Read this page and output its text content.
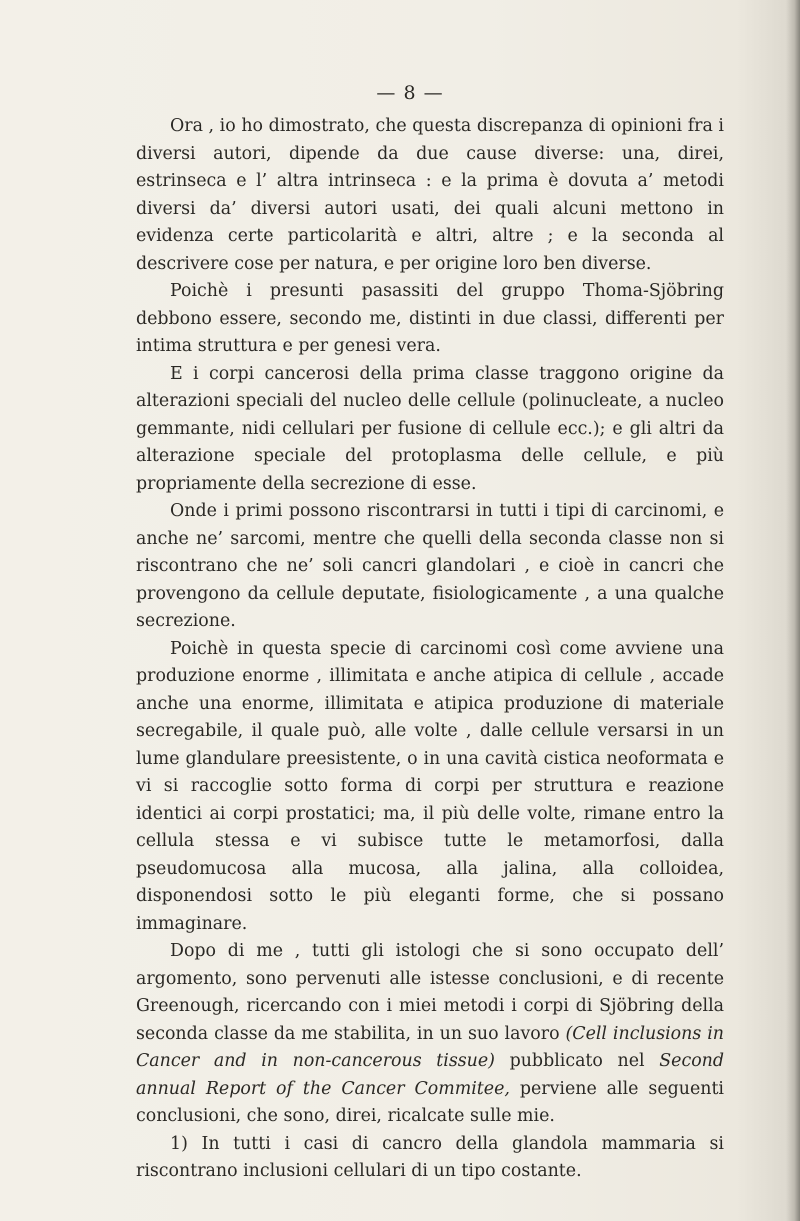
— 8 —

Ora , io ho dimostrato, che questa discrepanza di opinioni fra i diversi autori, dipende da due cause diverse: una, direi, estrinseca e l’ altra intrinseca : e la prima è dovuta a’ metodi diversi da’ diversi autori usati, dei quali alcuni mettono in evidenza certe particolarità e altri, altre ; e la seconda al descrivere cose per natura, e per origine loro ben diverse.

Poichè i presunti pasassiti del gruppo Thoma-Sjöbring debbono essere, secondo me, distinti in due classi, differenti per intima struttura e per genesi vera.

E i corpi cancerosi della prima classe traggono origine da alterazioni speciali del nucleo delle cellule (polinucleate, a nucleo gemmante, nidi cellulari per fusione di cellule ecc.); e gli altri da alterazione speciale del protoplasma delle cellule, e più propriamente della secrezione di esse.

Onde i primi possono riscontrarsi in tutti i tipi di carcinomi, e anche ne’ sarcomi, mentre che quelli della seconda classe non si riscontrano che ne’ soli cancri glandolari , e cioè in cancri che provengono da cellule deputate, fisiologicamente , a una qualche secrezione.

Poichè in questa specie di carcinomi così come avviene una produzione enorme , illimitata e anche atipica di cellule , accade anche una enorme, illimitata e atipica produzione di materiale secregabile, il quale può, alle volte , dalle cellule versarsi in un lume glandulare preesistente, o in una cavità cistica neoformata e vi si raccoglie sotto forma di corpi per struttura e reazione identici ai corpi prostatici; ma, il più delle volte, rimane entro la cellula stessa e vi subisce tutte le metamorfosi, dalla pseudomucosa alla mucosa, alla jalina, alla colloidea, disponendosi sotto le più eleganti forme, che si possano immaginare.

Dopo di me , tutti gli istologi che si sono occupato dell’ argomento, sono pervenuti alle istesse conclusioni, e di recente Greenough, ricercando con i miei metodi i corpi di Sjöbring della seconda classe da me stabilita, in un suo lavoro (Cell inclusions in Cancer and in non-cancerous tissue) pubblicato nel Second annual Report of the Cancer Commitee, perviene alle seguenti conclusioni, che sono, direi, ricalcate sulle mie.

1) In tutti i casi di cancro della glandola mammaria si riscontrano inclusioni cellulari di un tipo costante.
